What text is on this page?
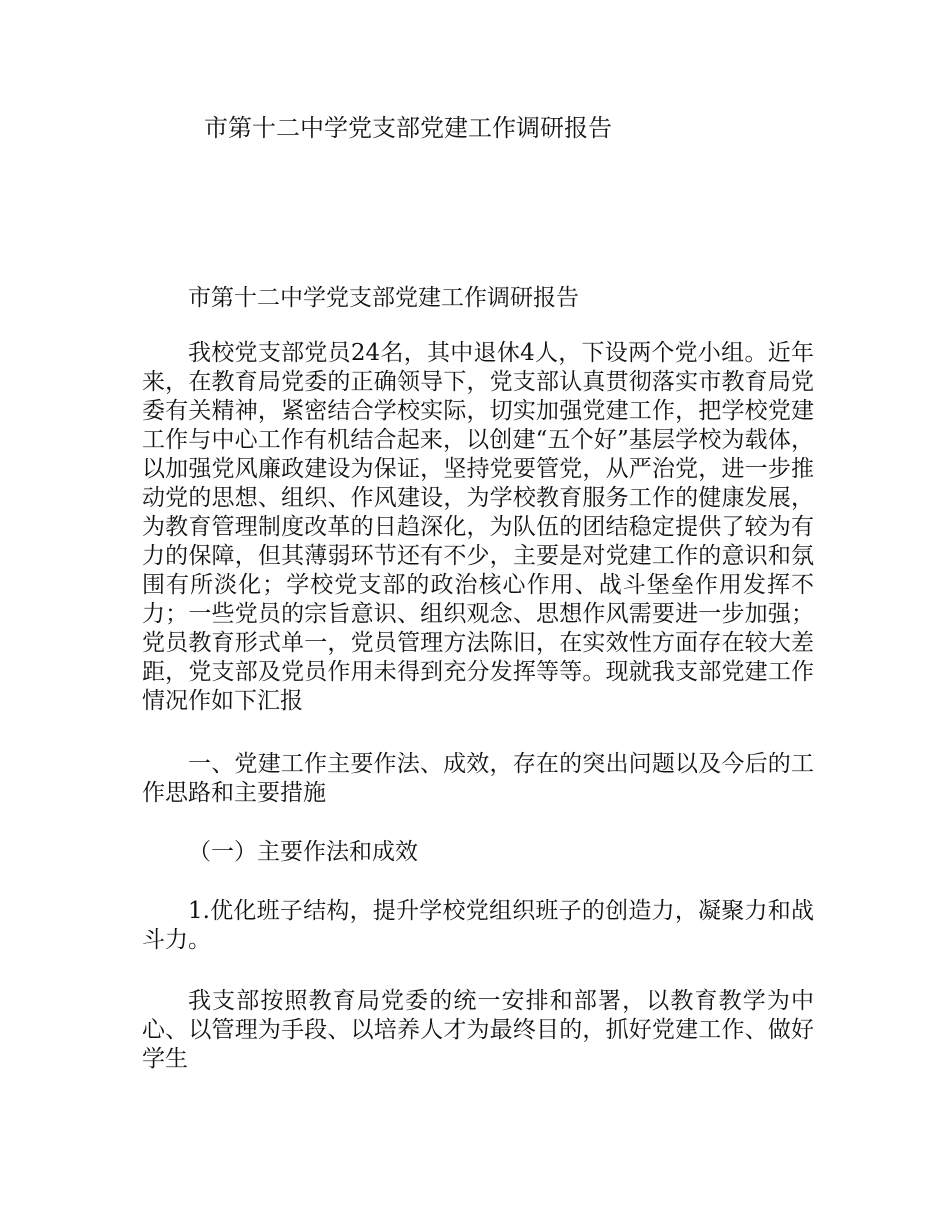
市第十二中学党支部党建工作调研报告

市第十二中学党支部党建工作调研报告

我校党支部党员24名，其中退休4人，下设两个党小组。近年来，在教育局党委的正确领导下，党支部认真贯彻落实市教育局党委有关精神，紧密结合学校实际，切实加强党建工作，把学校党建工作与中心工作有机结合起来，以创建“五个好”基层学校为载体，以加强党风廉政建设为保证，坚持党要管党，从严治党，进一步推动党的思想、组织、作风建设，为学校教育服务工作的健康发展，为教育管理制度改革的日趋深化，为队伍的团结稳定提供了较为有力的保障，但其薄弱环节还有不少，主要是对党建工作的意识和氛围有所淡化；学校党支部的政治核心作用、战斗堡垒作用发挥不力；一些党员的宗旨意识、组织观念、思想作风需要进一步加强；党员教育形式单一，党员管理方法陈旧，在实效性方面存在较大差距，党支部及党员作用未得到充分发挥等等。现就我支部党建工作情况作如下汇报

一、党建工作主要作法、成效，存在的突出问题以及今后的工作思路和主要措施

（一）主要作法和成效

1.优化班子结构，提升学校党组织班子的创造力，凝聚力和战斗力。

我支部按照教育局党委的统一安排和部署，以教育教学为中心、以管理为手段、以培养人才为最终目的，抓好党建工作、做好学生
